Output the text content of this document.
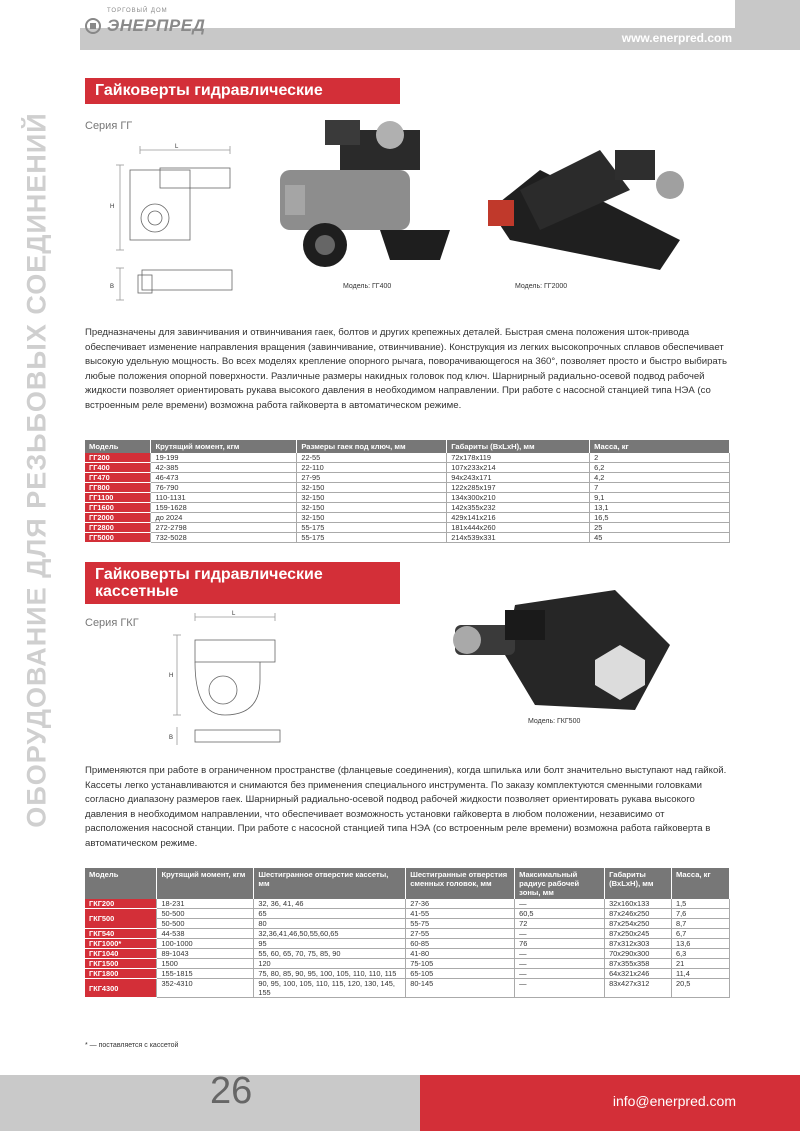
www.enerpred.com
ТОРГОВЫЙ ДОМ
ЭНЕРПРЕД
ОБОРУДОВАНИЕ ДЛЯ РЕЗЬБОВЫХ СОЕДИНЕНИЙ
Гайковерты гидравлические
Серия ГГ
L
H
B	Модель: ГГ400	Модель: ГГ2000
Предназначены для завинчивания и отвинчивания гаек, болтов и других крепежных деталей. Быстрая смена положения шток-привода обеспечивает изменение направления вращения (завинчивание, отвинчивание). Конструкция из легких высокопрочных сплавов обеспечивает высокую удельную мощность. Во всех моделях крепление опорного рычага, поворачивающегося на 360°, позволяет просто и быстро выбирать любые положения опорной поверхности. Различные размеры накидных головок под ключ. Шарнирный радиально-осевой подвод рабочей жидкости позволяет ориентировать рукава высокого давления в необходимом направлении. При работе с насосной станцией типа НЭА (со встроенным реле времени) возможна работа гайковерта в автоматическом режиме.
Модель	Крутящий момент, кгм	Размеры гаек под ключ, мм	Габариты (ВхLxH), мм	Масса, кг
ГГ200	19-199	22-55	72х178х119	2
ГГ400	42-385	22-110	107х233х214	6,2
ГГ470	46-473	27-95	94х243х171	4,2
ГГ800	76-790	32-150	122х285х197	7
ГГ1100	110-1131	32-150	134х300х210	9,1
ГГ1600	159-1628	32-150	142х355х232	13,1
ГГ2000	до 2024	32-150	429х141х216	16,5
ГГ2800	272-2798	55-175	181х444х260	25
ГГ5000	732-5028	55-175	214х539х331	45
Гайковерты гидравлические
кассетные
Серия ГКГ
L
H
B
Модель: ГКГ500
Применяются при работе в ограниченном пространстве (фланцевые соединения), когда шпилька или болт значительно выступают над гайкой. Кассеты легко устанавливаются и снимаются без применения специального инструмента. По заказу комплектуются сменными головками согласно диапазону размеров гаек. Шарнирный радиально-осевой подвод рабочей жидкости позволяет ориентировать рукава высокого давления в необходимом направлении, что обеспечивает возможность установки гайковерта в любом положении, независимо от расположения насосной станции. При работе с насосной станцией типа НЭА (со встроенным реле времени) возможна работа гайковерта в автоматическом режиме.
Модель	Крутящий момент, кгм	Шестигранное отверстие кассеты, мм	Шестигранные отверстия сменных головок, мм	Максимальный радиус рабочей зоны, мм	Габариты (ВхLхН), мм	Масса, кг
ГКГ200	18-231	32, 36, 41, 46	27-36	—	32х160х133	1,5
ГКГ500	50-500	65	41-55	60,5	87х246х250	7,6
	50-500	80	55-75	72	87х254х250	8,7
ГКГ540	44-538	32,36,41,46,50,55,60,65	27-55	—	87х250х245	6,7
ГКГ1000*	100-1000	95	60-85	76	87х312х303	13,6
ГКГ1040	89-1043	55, 60, 65, 70, 75, 85, 90	41-80	—	70х290х300	6,3
ГКГ1500	1500	120	75-105	—	87х355х358	21
ГКГ1800	155-1815	75, 80, 85, 90, 95, 100, 105, 110, 110, 115	65-105	—	64х321х246	11,4
ГКГ4300	352-4310	90, 95, 100, 105, 110, 115, 120, 130, 145, 155	80-145	—	83х427х312	20,5
* — поставляется с кассетой
26	info@enerpred.com
